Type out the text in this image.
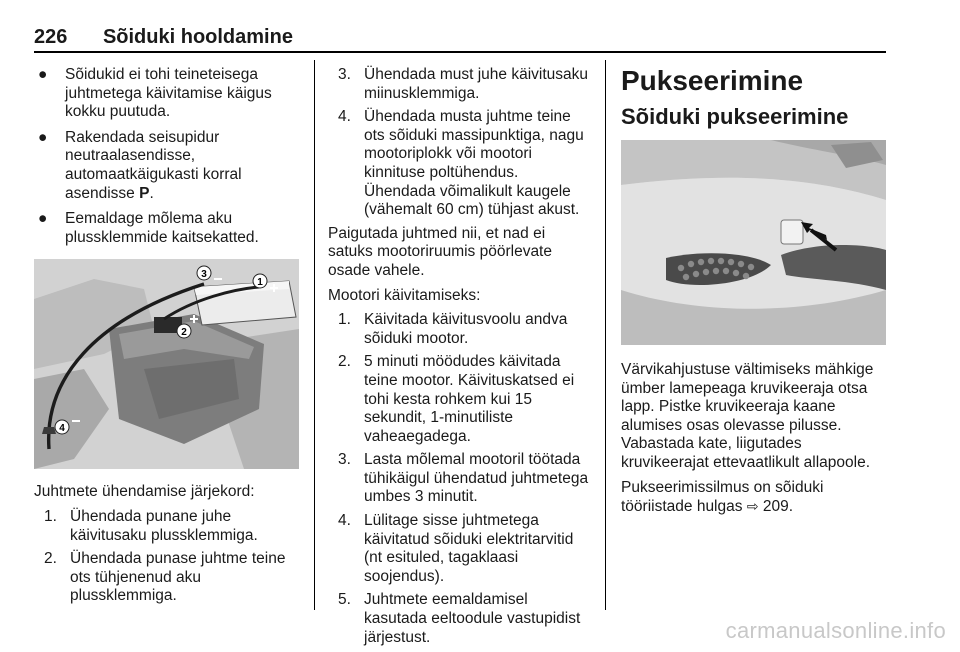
226 Sõiduki hooldamine
● Sõidukid ei tohi teineteisega juhtmetega käivitamise käigus kokku puutuda.
● Rakendada seisupidur neutraalasendisse, automaatkäigukasti korral asendisse P.
● Eemaldage mõlema aku plussklemmide kaitsekatted.
1
3
2
4

Juhtmete ühendamise järjekord:

1. Ühendada punane juhe käivitusaku plussklemmiga.
2. Ühendada punase juhtme teine ots tühjenenud aku plussklemmiga.
3. Ühendada must juhe käivitusaku miinusklemmiga.
4. Ühendada musta juhtme teine ots sõiduki massipunktiga, nagu mootoriplokk või mootori kinnituse poltühendus. Ühendada võimalikult kaugele (vähemalt 60 cm) tühjast akust.

Paigutada juhtmed nii, et nad ei satuks mootoriruumis pöörlevate osade vahele.

Mootori käivitamiseks:

1. Käivitada käivitusvoolu andva sõiduki mootor.
2. 5 minuti möödudes käivitada teine mootor. Käivituskatsed ei tohi kesta rohkem kui 15 sekundit, 1-minutiliste vaheaegadega.
3. Lasta mõlemal mootoril töötada tühikäigul ühendatud juhtmetega umbes 3 minutit.
4. Lülitage sisse juhtmetega käivitatud sõiduki elektritarvitid (nt esituled, tagaklaasi soojendus).
5. Juhtmete eemaldamisel kasutada eeltoodule vastupidist järjestust.
Pukseerimine
Sõiduki pukseerimine

Värvikahjustuse vältimiseks mähkige ümber lamepeaga kruvikeeraja otsa lapp. Pistke kruvikeeraja kaane alumises osas olevasse pilusse. Vabastada kate, liigutades kruvikeerajat ettevaatlikult allapoole.

Pukseerimissilmus on sõiduki tööriistade hulgas ⇨ 209.

carmanualsonline.info
